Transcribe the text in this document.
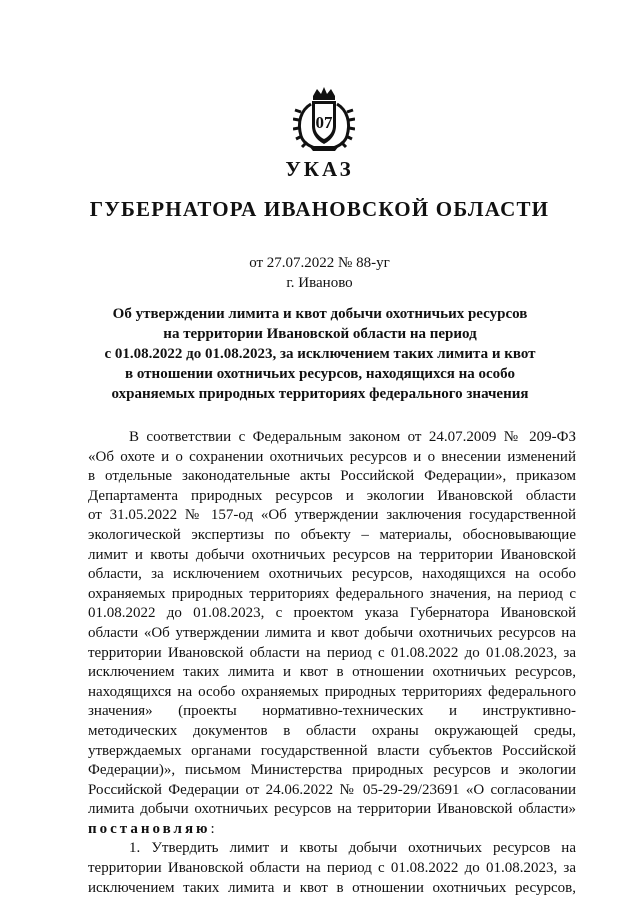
07
УКАЗ
ГУБЕРНАТОРА ИВАНОВСКОЙ ОБЛАСТИ
от 27.07.2022 № 88-уг
г. Иваново
Об утверждении лимита и квот добычи охотничьих ресурсов
на территории Ивановской области на период
с 01.08.2022 до 01.08.2023, за исключением таких лимита и квот
в отношении охотничьих ресурсов, находящихся на особо
охраняемых природных территориях федерального значения
В соответствии с Федеральным законом от 24.07.2009 № 209-ФЗ
«Об охоте и о сохранении охотничьих ресурсов и о внесении изменений
в отдельные законодательные акты Российской Федерации», приказом
Департамента природных ресурсов и экологии Ивановской области
от 31.05.2022 № 157-од «Об утверждении заключения государственной
экологической экспертизы по объекту – материалы, обосновывающие
лимит и квоты добычи охотничьих ресурсов на территории Ивановской
области, за исключением охотничьих ресурсов, находящихся на особо
охраняемых природных территориях федерального значения, на период с
01.08.2022 до 01.08.2023, с проектом указа Губернатора Ивановской
области «Об утверждении лимита и квот добычи охотничьих ресурсов на
территории Ивановской области на период с 01.08.2022 до 01.08.2023, за
исключением таких лимита и квот в отношении охотничьих ресурсов,
находящихся на особо охраняемых природных территориях федерального
значения» (проекты нормативно-технических и инструктивно-
методических документов в области охраны окружающей среды,
утверждаемых органами государственной власти субъектов Российской
Федерации)», письмом Министерства природных ресурсов и экологии
Российской Федерации от 24.06.2022 № 05-29-29/23691 «О согласовании
лимита добычи охотничьих ресурсов на территории Ивановской области»
постановляю:
1. Утвердить лимит и квоты добычи охотничьих ресурсов на
территории Ивановской области на период с 01.08.2022 до 01.08.2023, за
исключением таких лимита и квот в отношении охотничьих ресурсов,
